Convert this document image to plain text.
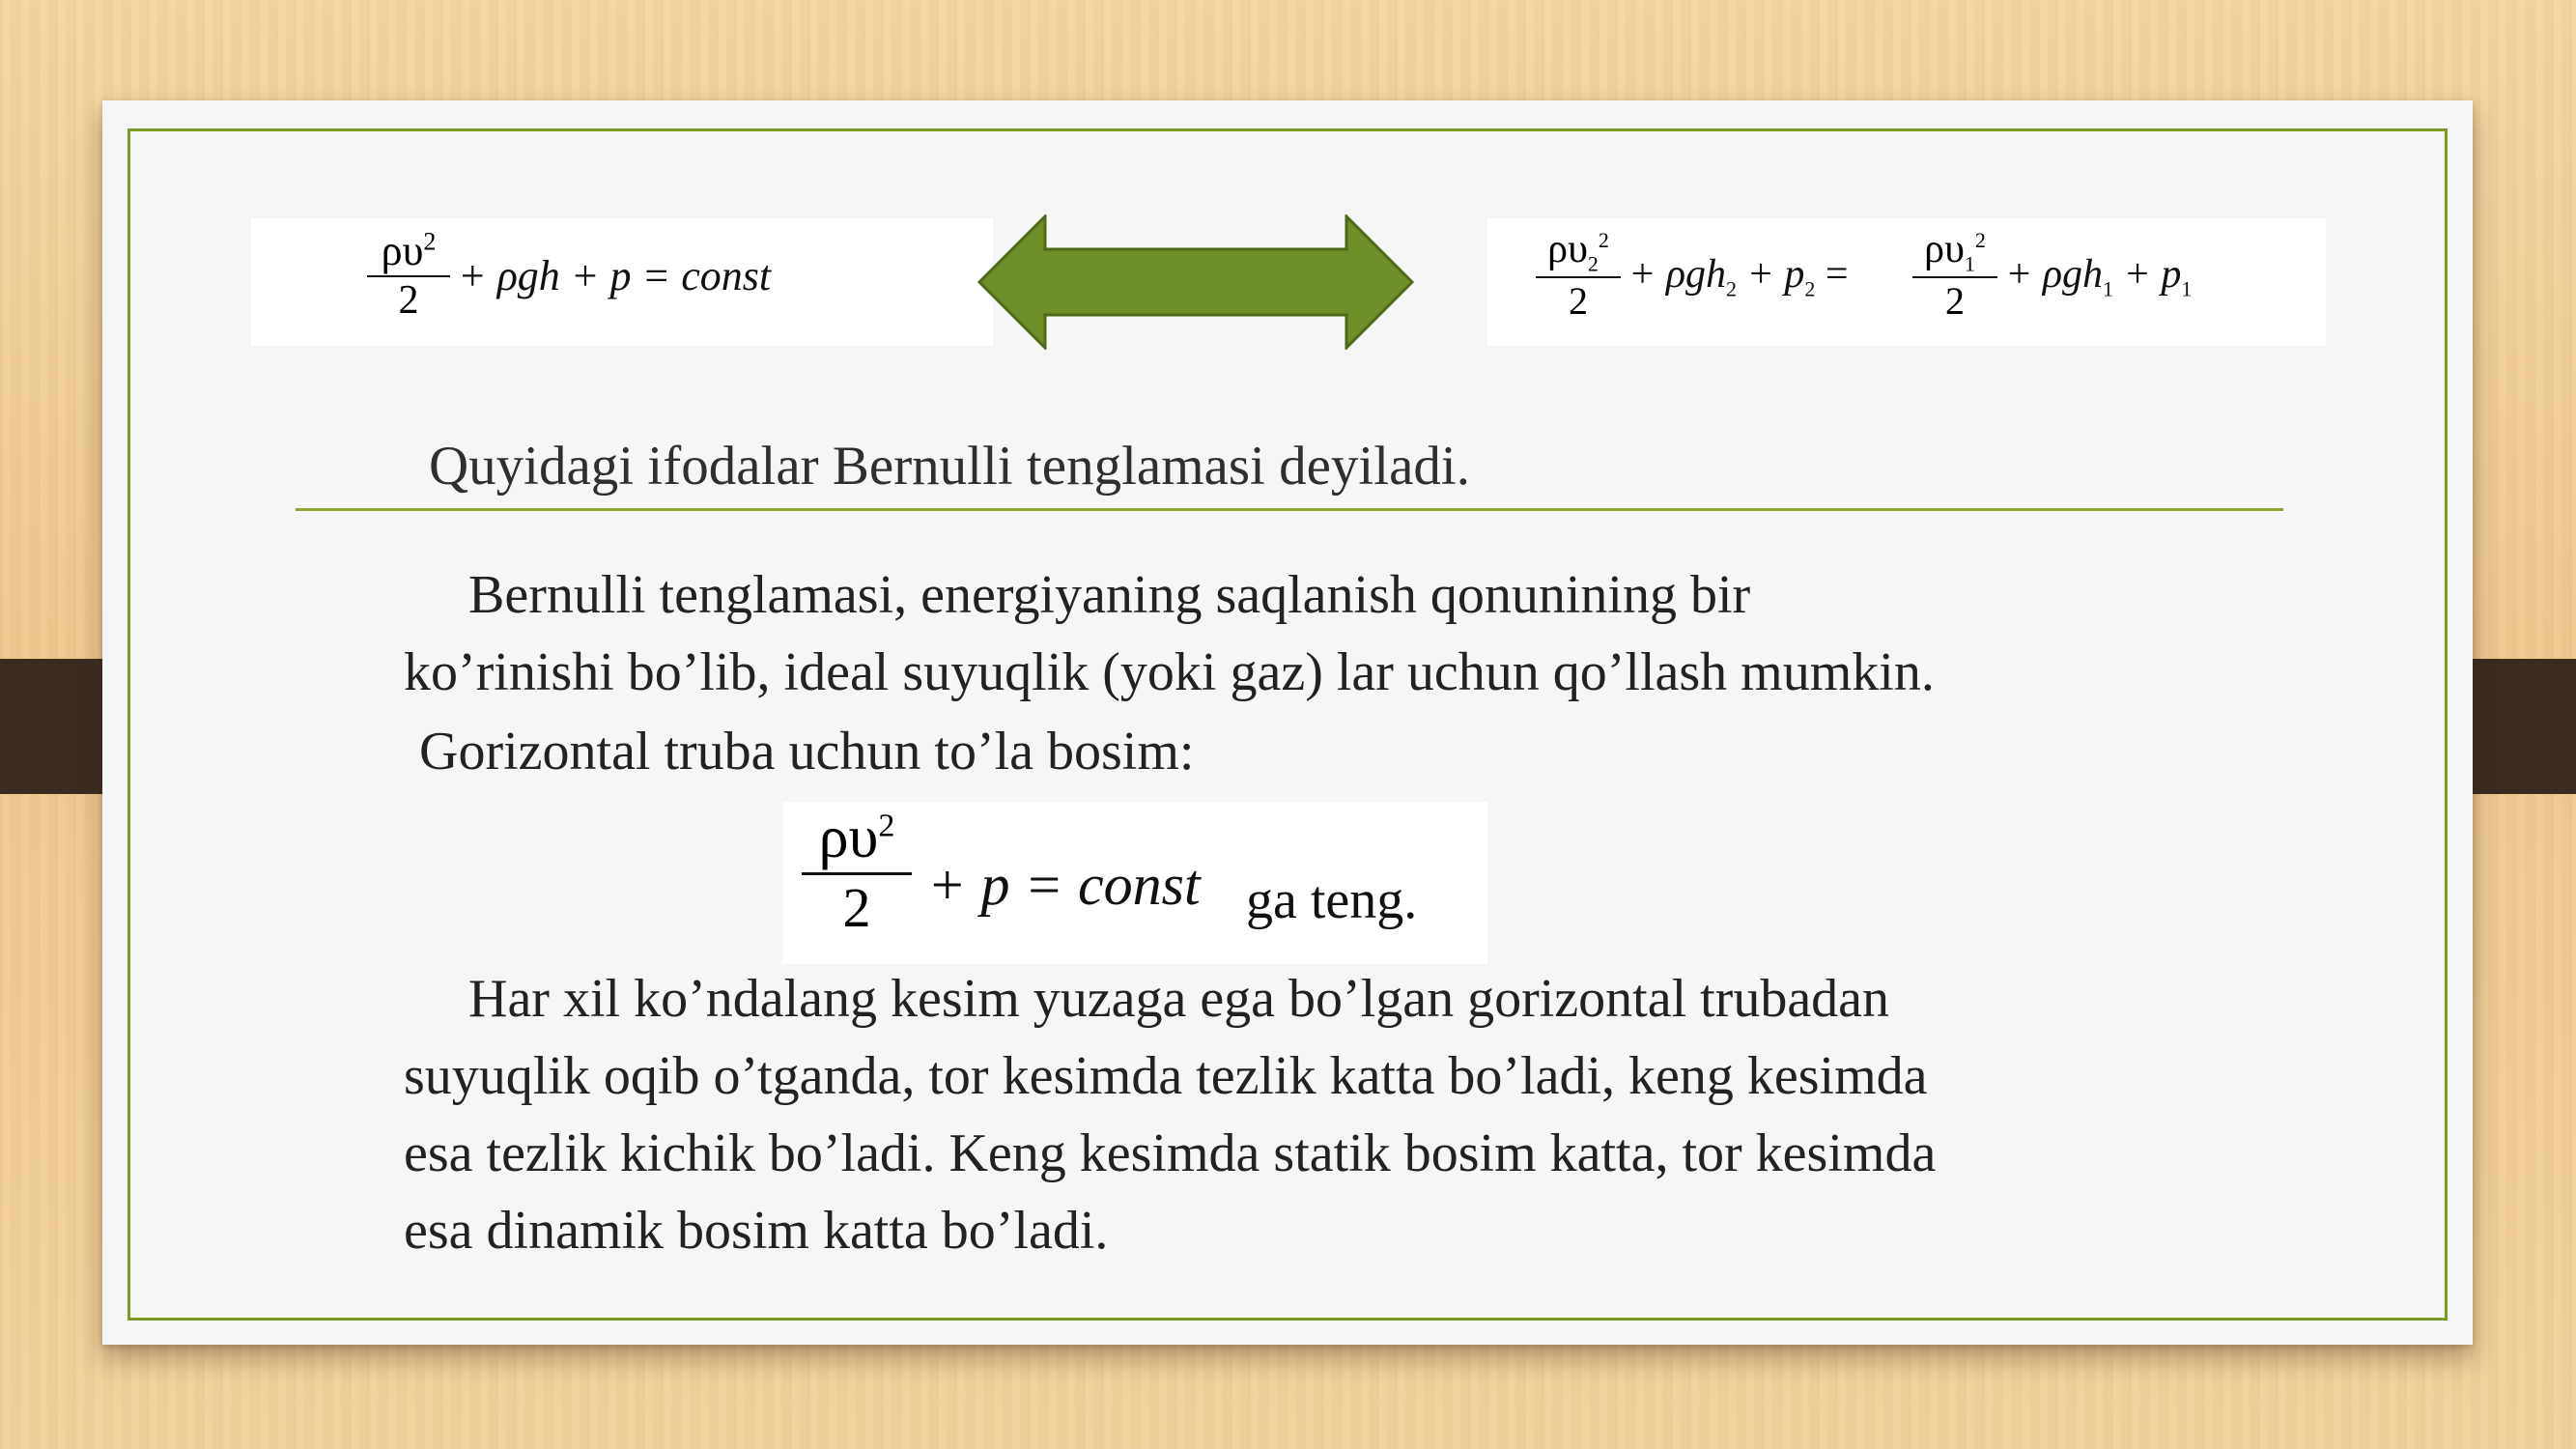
$\rho\upsilon^2$
2
+ ρgh + p = const
$\rho\upsilon_2^2$
2
+ $\rho gh_2 + p_2$ =
$\rho\upsilon_1^2$
2
+ $\rho gh_1 + p_1$
Quyidagi ifodalar Bernulli tenglamasi deyiladi.
Bernulli tenglamasi, energiyaning saqlanish qonunining bir
ko’rinishi bo’lib, ideal suyuqlik (yoki gaz) lar uchun qo’llash mumkin.
Gorizontal truba uchun to’la bosim:
$\rho\upsilon^2$
2 + p = const ga teng.
Har xil ko’ndalang kesim yuzaga ega bo’lgan gorizontal trubadan
suyuqlik oqib o’tganda, tor kesimda tezlik katta bo’ladi, keng kesimda
esa tezlik kichik bo’ladi. Keng kesimda statik bosim katta, tor kesimda
esa dinamik bosim katta bo’ladi.
